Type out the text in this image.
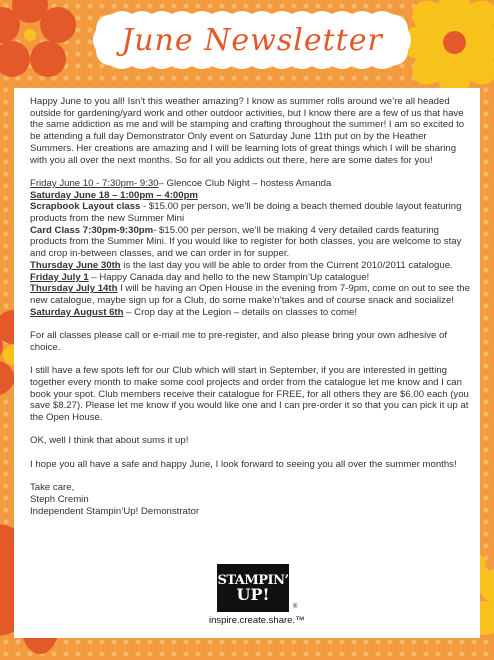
June Newsletter

Happy June to you all! Isn’t this weather amazing? I know as summer rolls around we’re all headed outside for gardening/yard work and other outdoor activities, but I know there are a few of us that have the same addiction as me and will be stamping and crafting throughout the summer! I am so excited to be attending a full day Demonstrator Only event on Saturday June 11th put on by the Heather Summers. Her creations are amazing and I will be learning lots of great things which I will be sharing with you all over the next months. So for all you addicts out there, here are some dates for you!

Friday June 10 - 7:30pm- 9:30– Glencoe Club Night – hostess Amanda
Saturday June 18 – 1:00pm – 4:00pm
Scrapbook Layout class - $15.00 per person, we’ll be doing a beach themed double layout featuring products from the new Summer Mini
Card Class 7:30pm-9:30pm- $15.00 per person, we’ll be making 4 very detailed cards featuring products from the Summer Mini. If you would like to register for both classes, you are welcome to stay and crop in-between classes, and we can order in for supper.
Thursday June 30th is the last day you will be able to order from the Current 2010/2011 catalogue.
Friday July 1 – Happy Canada day and hello to the new Stampin’Up catalogue!
Thursday July 14th I will be having an Open House in the evening from 7-9pm, come on out to see the new catalogue, maybe sign up for a Club, do some make’n’takes and of course snack and socialize!
Saturday August 6th – Crop day at the Legion – details on classes to come!

For all classes please call or e-mail me to pre-register, and also please bring your own adhesive of choice.

I still have a few spots left for our Club which will start in September, if you are interested in getting together every month to make some cool projects and order from the catalogue let me know and I can book your spot. Club members receive their catalogue for FREE, for all others they are $6.00 each (you save $8.27). Please let me know if you would like one and I can pre-order it so that you can pick it up at the Open House.

OK, well I think that about sums it up!

I hope you all have a safe and happy June, I look forward to seeing you all over the summer months!

Take care,
Steph Cremin
Independent Stampin’Up! Demonstrator
STAMPIN’
UP!
®
inspire.create.share.™
